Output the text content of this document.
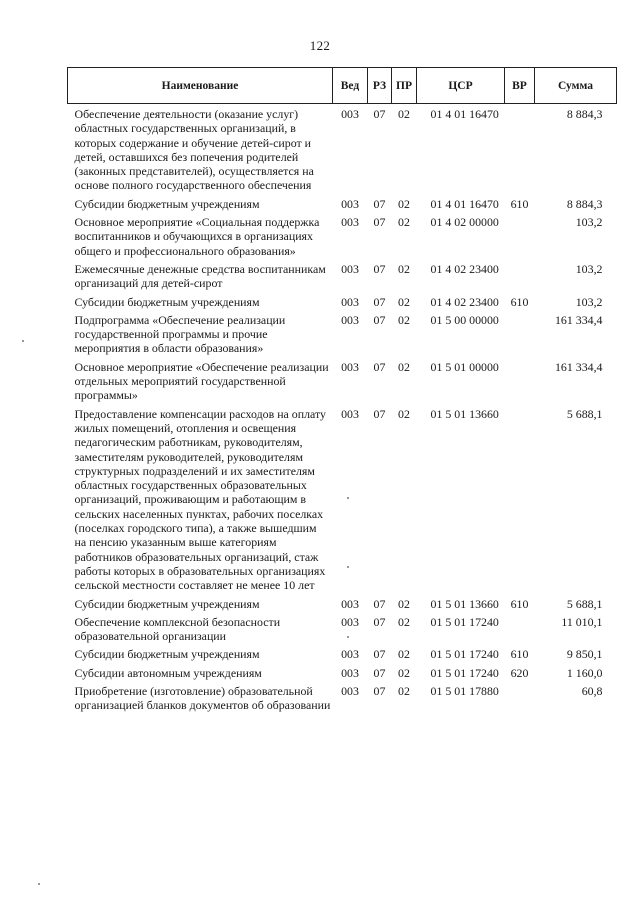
122
Наименование	Вед	РЗ	ПР	ЦСР	ВР	Сумма
Обеспечение деятельности (оказание услуг) областных государственных организаций, в которых содержание и обучение детей-сирот и детей, оставшихся без попечения родителей (законных представителей), осуществляется на основе полного государственного обеспечения	003	07	02	01 4 01 16470		8 884,3
Субсидии бюджетным учреждениям	003	07	02	01 4 01 16470	610	8 884,3
Основное мероприятие «Социальная поддержка воспитанников и обучающихся в организациях общего и профессионального образования»	003	07	02	01 4 02 00000		103,2
Ежемесячные денежные средства воспитанникам организаций для детей-сирот	003	07	02	01 4 02 23400		103,2
Субсидии бюджетным учреждениям	003	07	02	01 4 02 23400	610	103,2
Подпрограмма «Обеспечение реализации государственной программы и прочие мероприятия в области образования»	003	07	02	01 5 00 00000		161 334,4
Основное мероприятие «Обеспечение реализации отдельных мероприятий государственной программы»	003	07	02	01 5 01 00000		161 334,4
Предоставление компенсации расходов на оплату жилых помещений, отопления и освещения педагогическим работникам, руководителям, заместителям руководителей, руководителям структурных подразделений и их заместителям областных государственных образовательных организаций, проживающим и работающим в сельских населенных пунктах, рабочих поселках (поселках городского типа), а также вышедшим на пенсию указанным выше категориям работников образовательных организаций, стаж работы которых в образовательных организациях сельской местности составляет не менее 10 лет	003	07	02	01 5 01 13660		5 688,1
Субсидии бюджетным учреждениям	003	07	02	01 5 01 13660	610	5 688,1
Обеспечение комплексной безопасности образовательной организации	003	07	02	01 5 01 17240		11 010,1
Субсидии бюджетным учреждениям	003	07	02	01 5 01 17240	610	9 850,1
Субсидии автономным учреждениям	003	07	02	01 5 01 17240	620	1 160,0
Приобретение (изготовление) образовательной организацией бланков документов об образовании	003	07	02	01 5 01 17880		60,8
